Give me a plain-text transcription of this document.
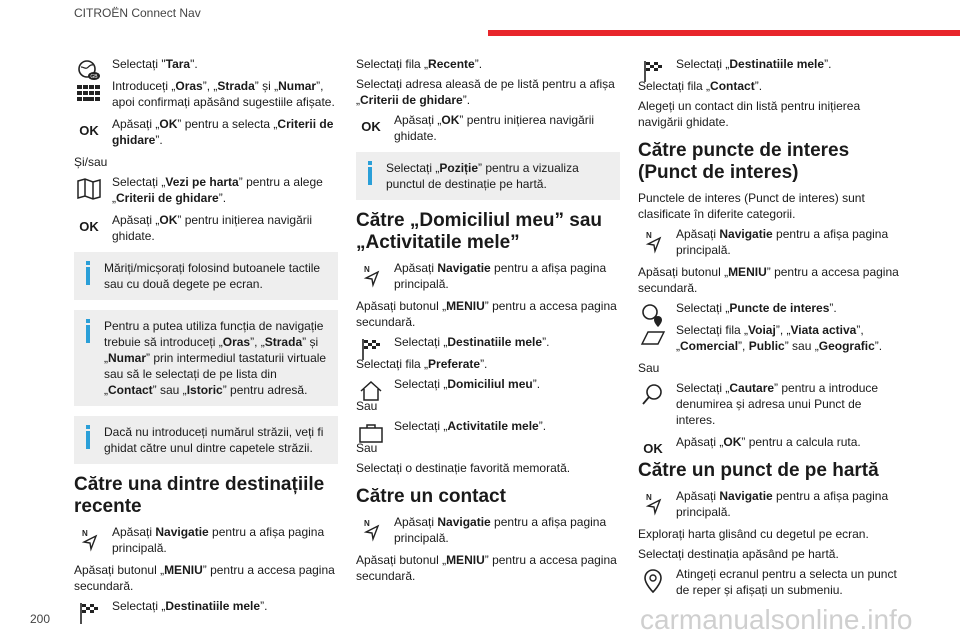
CITROËN Connect Nav
GB
Selectați "Tara".
Introduceți „Oras”, „Strada” și „Numar”, apoi confirmați apăsând sugestiile afișate.
OK	Apăsați „OK” pentru a selecta „Criterii de ghidare”.
Și/sau
Selectați „Vezi pe harta” pentru a alege „Criterii de ghidare”.
OK	Apăsați „OK” pentru inițierea navigării ghidate.
Măriți/micșorați folosind butoanele tactile sau cu două degete pe ecran.
Pentru a putea utiliza funcția de navigație trebuie să introduceți „Oras”, „Strada” și „Numar” prin intermediul tastaturii virtuale sau să le selectați de pe lista din „Contact” sau „Istoric” pentru adresă.
Dacă nu introduceți numărul străzii, veți fi ghidat către unul dintre capetele străzii.
Către una dintre destinațiile recente
N Apăsați Navigatie pentru a afișa pagina principală.
Apăsați butonul „MENIU” pentru a accesa pagina secundară.
Selectați „Destinatiile mele”.
Selectați fila „Recente”.
Selectați adresa aleasă de pe listă pentru a afișa „Criterii de ghidare”.
OK	Apăsați „OK” pentru inițierea navigării ghidate.
Selectați „Poziție” pentru a vizualiza punctul de destinație pe hartă.
Către „Domiciliul meu” sau „Activitatile mele”
N Apăsați Navigatie pentru a afișa pagina principală.
Apăsați butonul „MENIU” pentru a accesa pagina secundară.
Selectați „Destinatiile mele”.
Selectați fila „Preferate”.
Selectați „Domiciliul meu”.
Sau
Selectați „Activitatile mele”.
Sau
Selectați o destinație favorită memorată.
Către un contact
N Apăsați Navigatie pentru a afișa pagina principală.
Apăsați butonul „MENIU” pentru a accesa pagina secundară.
Selectați „Destinatiile mele”.
Selectați fila „Contact”.
Alegeți un contact din listă pentru inițierea navigării ghidate.
Către puncte de interes (Punct de interes)
Punctele de interes (Punct de interes) sunt clasificate în diferite categorii.
N Apăsați Navigatie pentru a afișa pagina principală.
Apăsați butonul „MENIU” pentru a accesa pagina secundară.
Selectați „Puncte de interes”.
Selectați fila „Voiaj”, „Viata activa”, „Comercial”, Public” sau „Geografic”.
Sau
Selectați „Cautare” pentru a introduce denumirea și adresa unui Punct de interes.
OK	Apăsați „OK” pentru a calcula ruta.
Către un punct de pe hartă
N Apăsați Navigatie pentru a afișa pagina principală.
Explorați harta glisând cu degetul pe ecran.
Selectați destinația apăsând pe hartă.
Atingeți ecranul pentru a selecta un punct de reper și afișați un submeniu.
200	carmanualsonline.info
